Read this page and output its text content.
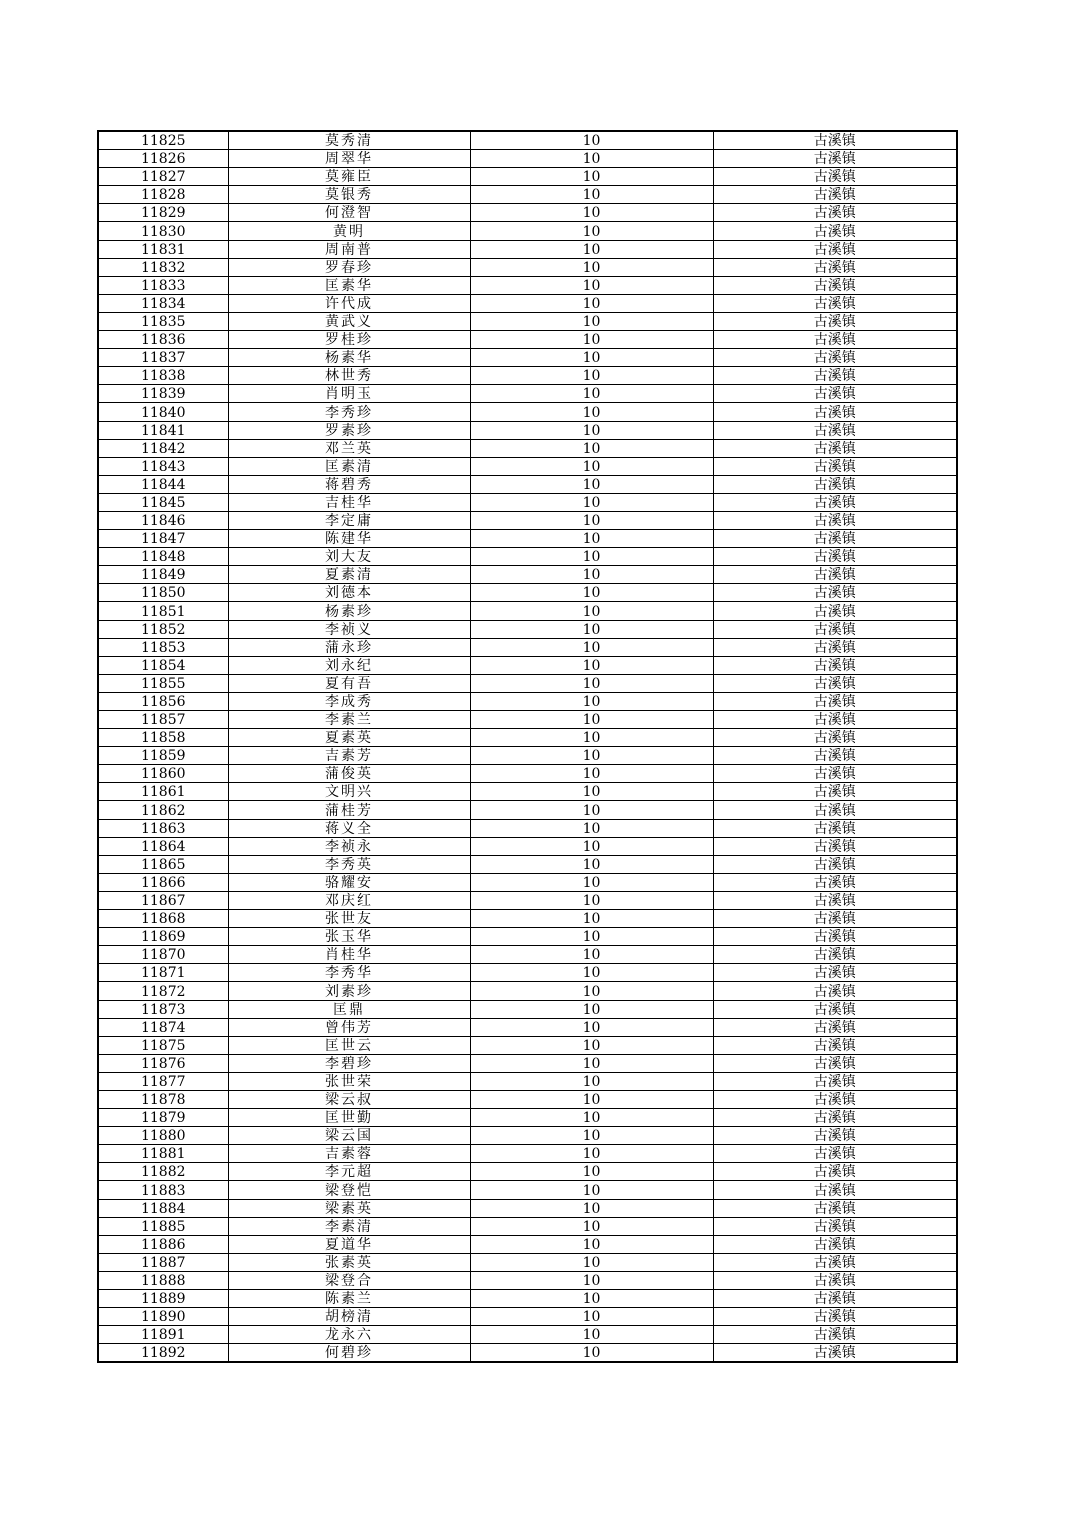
11825	莫秀清	10	古溪镇
11826	周翠华	10	古溪镇
11827	莫雍臣	10	古溪镇
11828	莫银秀	10	古溪镇
11829	何澄智	10	古溪镇
11830	黄明	10	古溪镇
11831	周南普	10	古溪镇
11832	罗春珍	10	古溪镇
11833	匡素华	10	古溪镇
11834	许代成	10	古溪镇
11835	黄武义	10	古溪镇
11836	罗桂珍	10	古溪镇
11837	杨素华	10	古溪镇
11838	林世秀	10	古溪镇
11839	肖明玉	10	古溪镇
11840	李秀珍	10	古溪镇
11841	罗素珍	10	古溪镇
11842	邓兰英	10	古溪镇
11843	匡素清	10	古溪镇
11844	蒋碧秀	10	古溪镇
11845	吉桂华	10	古溪镇
11846	李定庸	10	古溪镇
11847	陈建华	10	古溪镇
11848	刘大友	10	古溪镇
11849	夏素清	10	古溪镇
11850	刘德本	10	古溪镇
11851	杨素珍	10	古溪镇
11852	李祯义	10	古溪镇
11853	蒲永珍	10	古溪镇
11854	刘永纪	10	古溪镇
11855	夏有吾	10	古溪镇
11856	李成秀	10	古溪镇
11857	李素兰	10	古溪镇
11858	夏素英	10	古溪镇
11859	吉素芳	10	古溪镇
11860	蒲俊英	10	古溪镇
11861	文明兴	10	古溪镇
11862	蒲桂芳	10	古溪镇
11863	蒋义全	10	古溪镇
11864	李祯永	10	古溪镇
11865	李秀英	10	古溪镇
11866	骆耀安	10	古溪镇
11867	邓庆红	10	古溪镇
11868	张世友	10	古溪镇
11869	张玉华	10	古溪镇
11870	肖桂华	10	古溪镇
11871	李秀华	10	古溪镇
11872	刘素珍	10	古溪镇
11873	匡鼎	10	古溪镇
11874	曾伟芳	10	古溪镇
11875	匡世云	10	古溪镇
11876	李碧珍	10	古溪镇
11877	张世荣	10	古溪镇
11878	梁云叔	10	古溪镇
11879	匡世勤	10	古溪镇
11880	梁云国	10	古溪镇
11881	吉素蓉	10	古溪镇
11882	李元超	10	古溪镇
11883	梁登恺	10	古溪镇
11884	梁素英	10	古溪镇
11885	李素清	10	古溪镇
11886	夏道华	10	古溪镇
11887	张素英	10	古溪镇
11888	梁登合	10	古溪镇
11889	陈素兰	10	古溪镇
11890	胡榜清	10	古溪镇
11891	龙永六	10	古溪镇
11892	何碧珍	10	古溪镇
